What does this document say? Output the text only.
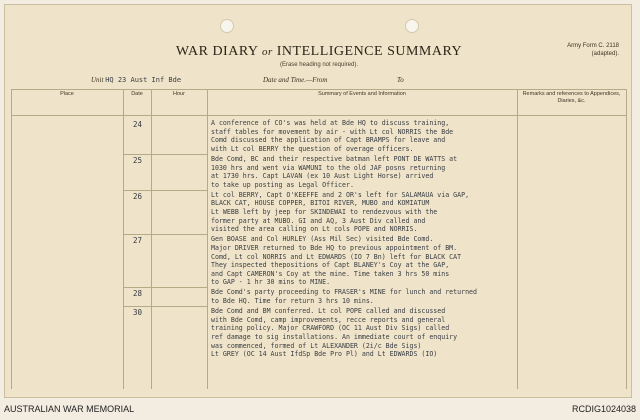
Army Form C. 2118
(adapted).
WAR DIARY or INTELLIGENCE SUMMARY
(Erase heading not required).
Unit HQ 23 Aust Inf Bde	Date and Time.—From	To
Place	Date	Hour	Summary of Events and Information	Remarks and references to Appendices, Diaries, &c.
24	A conference of CO's was held at Bde HQ to discuss training,
staff tables for movement by air - with Lt col NORRIS the Bde
Comd discussed the application of Capt BRAMPS for leave and
with Lt col BERRY the question of overage officers.
25	Bde Comd, BC and their respective batman left PONT DE WATTS at
1030 hrs and went via WAMUNI to the old JAF posns returning
at 1730 hrs. Capt LAVAN (ex 10 Aust Light Horse) arrived
to take up posting as Legal Officer.
26	Lt col BERRY, Capt O'KEEFFE and 2 OR's left for SALAMAUA via GAP,
BLACK CAT, HOUSE COPPER, BITOI RIVER, MUBO and KOMIATUM
Lt WEBB left by jeep for SKINDEWAI to rendezvous with the
former party at MUBO. GI and AQ, 3 Aust Div called and
visited the area calling on Lt cols POPE and NORRIS.
27	Gen BOASE and Col HURLEY (Ass Mil Sec) visited Bde Comd.
Major DRIVER returned to Bde HQ to previous appointment of BM.
Comd, Lt col NORRIS and Lt EDWARDS (IO 7 Bn) left for BLACK CAT
They inspected thepositions of Capt BLANEY's Coy at the GAP,
and Capt CAMERON's Coy at the mine. Time taken 3 hrs 50 mins
to GAP - 1 hr 30 mins to MINE.
28	Bde Comd's party proceeding to FRASER's MINE for lunch and returned
to Bde HQ. Time for return 3 hrs 10 mins.
30	Bde Comd and BM conferred. Lt col POPE called and discussed
with Bde Comd, camp improvements, recce reports and general
training policy. Major CRAWFORD (OC 11 Aust Div Sigs) called
ref damage to sig installations. An immediate court of enquiry
was commenced, formed of Lt ALEXANDER (2i/c Bde Sigs)
Lt GREY (OC 14 Aust IfdSp Bde Pro Pl) and Lt EDWARDS (IO)
AUSTRALIAN WAR MEMORIAL	RCDIG1024038
